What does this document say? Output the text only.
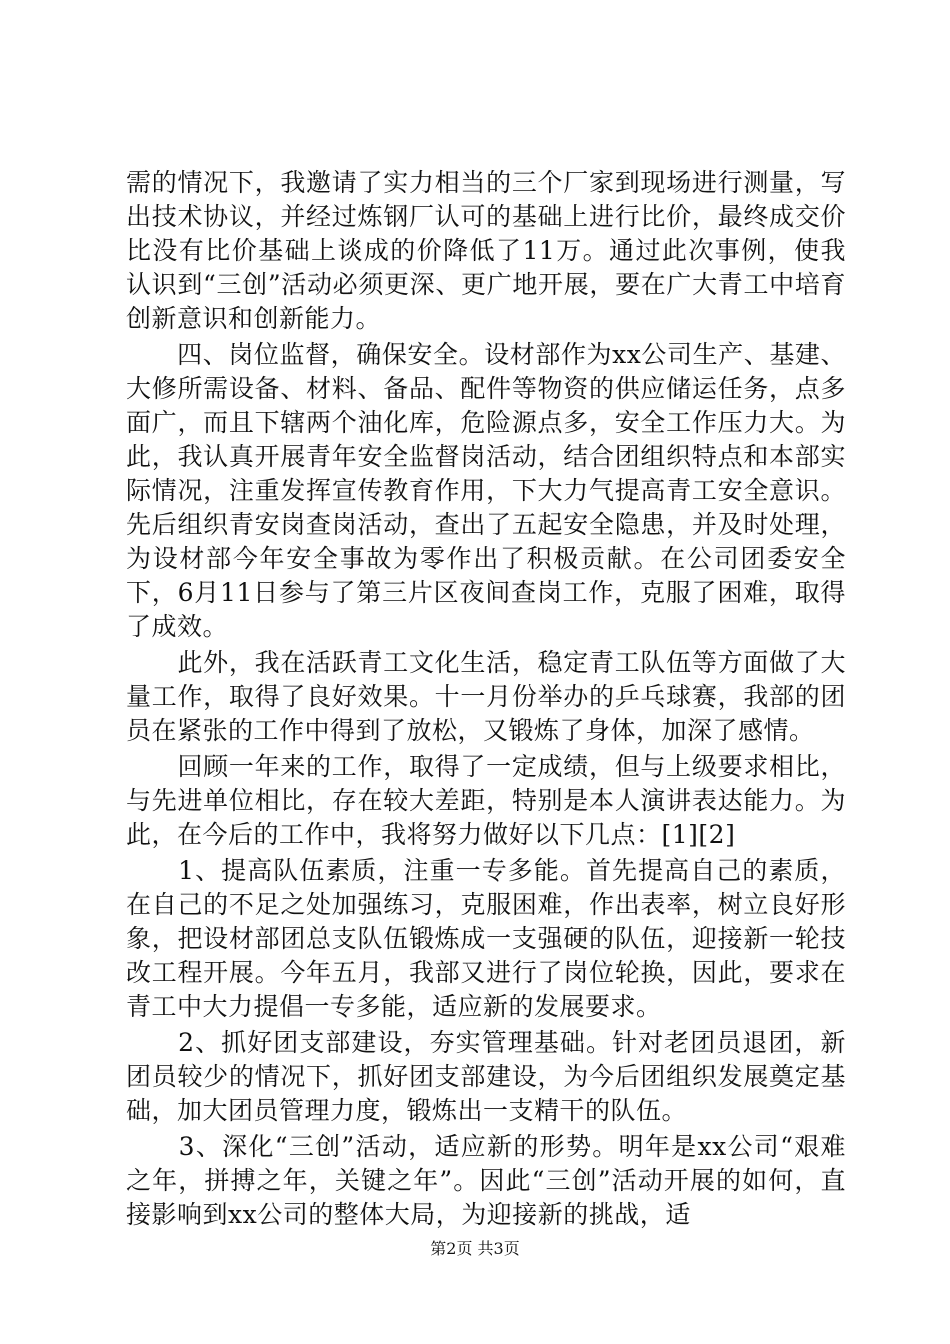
需的情况下，我邀请了实力相当的三个厂家到现场进行测量，写出技术协议，并经过炼钢厂认可的基础上进行比价，最终成交价比没有比价基础上谈成的价降低了11万。通过此次事例，使我认识到“三创”活动必须更深、更广地开展，要在广大青工中培育创新意识和创新能力。

　　四、岗位监督，确保安全。设材部作为xx公司生产、基建、大修所需设备、材料、备品、配件等物资的供应储运任务，点多面广，而且下辖两个油化库，危险源点多，安全工作压力大。为此，我认真开展青年安全监督岗活动，结合团组织特点和本部实际情况，注重发挥宣传教育作用，下大力气提高青工安全意识。先后组织青安岗查岗活动，查出了五起安全隐患，并及时处理，为设材部今年安全事故为零作出了积极贡献。在公司团委安全下，6月11日参与了第三片区夜间查岗工作，克服了困难，取得了成效。

　　此外，我在活跃青工文化生活，稳定青工队伍等方面做了大量工作，取得了良好效果。十一月份举办的乒乓球赛，我部的团员在紧张的工作中得到了放松，又锻炼了身体，加深了感情。

　　回顾一年来的工作，取得了一定成绩，但与上级要求相比，与先进单位相比，存在较大差距，特别是本人演讲表达能力。为此，在今后的工作中，我将努力做好以下几点：[1][2]

　　1、提高队伍素质，注重一专多能。首先提高自己的素质，在自己的不足之处加强练习，克服困难，作出表率，树立良好形象，把设材部团总支队伍锻炼成一支强硬的队伍，迎接新一轮技改工程开展。今年五月，我部又进行了岗位轮换，因此，要求在青工中大力提倡一专多能，适应新的发展要求。

　　2、抓好团支部建设，夯实管理基础。针对老团员退团，新团员较少的情况下，抓好团支部建设，为今后团组织发展奠定基础，加大团员管理力度，锻炼出一支精干的队伍。

　　3、深化“三创”活动，适应新的形势。明年是xx公司“艰难之年，拼搏之年，关键之年”。因此“三创”活动开展的如何，直接影响到xx公司的整体大局，为迎接新的挑战，适

第2页 共3页
